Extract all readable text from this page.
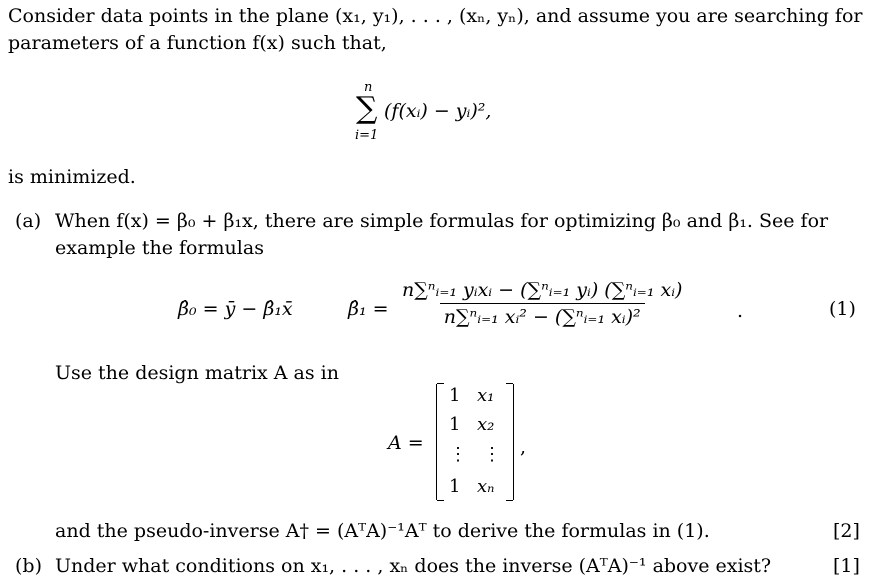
Consider data points in the plane (x₁, y₁), . . . , (xₙ, yₙ), and assume you are searching for
parameters of a function f(x) such that,
n
∑
i=1
(f(xᵢ) − yᵢ)²,
is minimized.
(a) When f(x) = β₀ + β₁x, there are simple formulas for optimizing β₀ and β₁. See for
example the formulas
β̂₀ = ȳ − β̂₁x̄	β̂₁ = $\frac{\text{n∑ⁿᵢ₌₁ yᵢxᵢ − (∑ⁿᵢ₌₁ yᵢ) (∑ⁿᵢ₌₁ xᵢ)}}{\text{n∑ⁿᵢ₌₁ xᵢ² − (∑ⁿᵢ₌₁ xᵢ)²}}$	.	(1)
Use the design matrix A as in
A =
1 x₁
1 x₂
⋮ ⋮
1 xₙ
,
and the pseudo-inverse A† = (AᵀA)⁻¹Aᵀ to derive the formulas in (1).	[2]
(b) Under what conditions on x₁, . . . , xₙ does the inverse (AᵀA)⁻¹ above exist?	[1]
